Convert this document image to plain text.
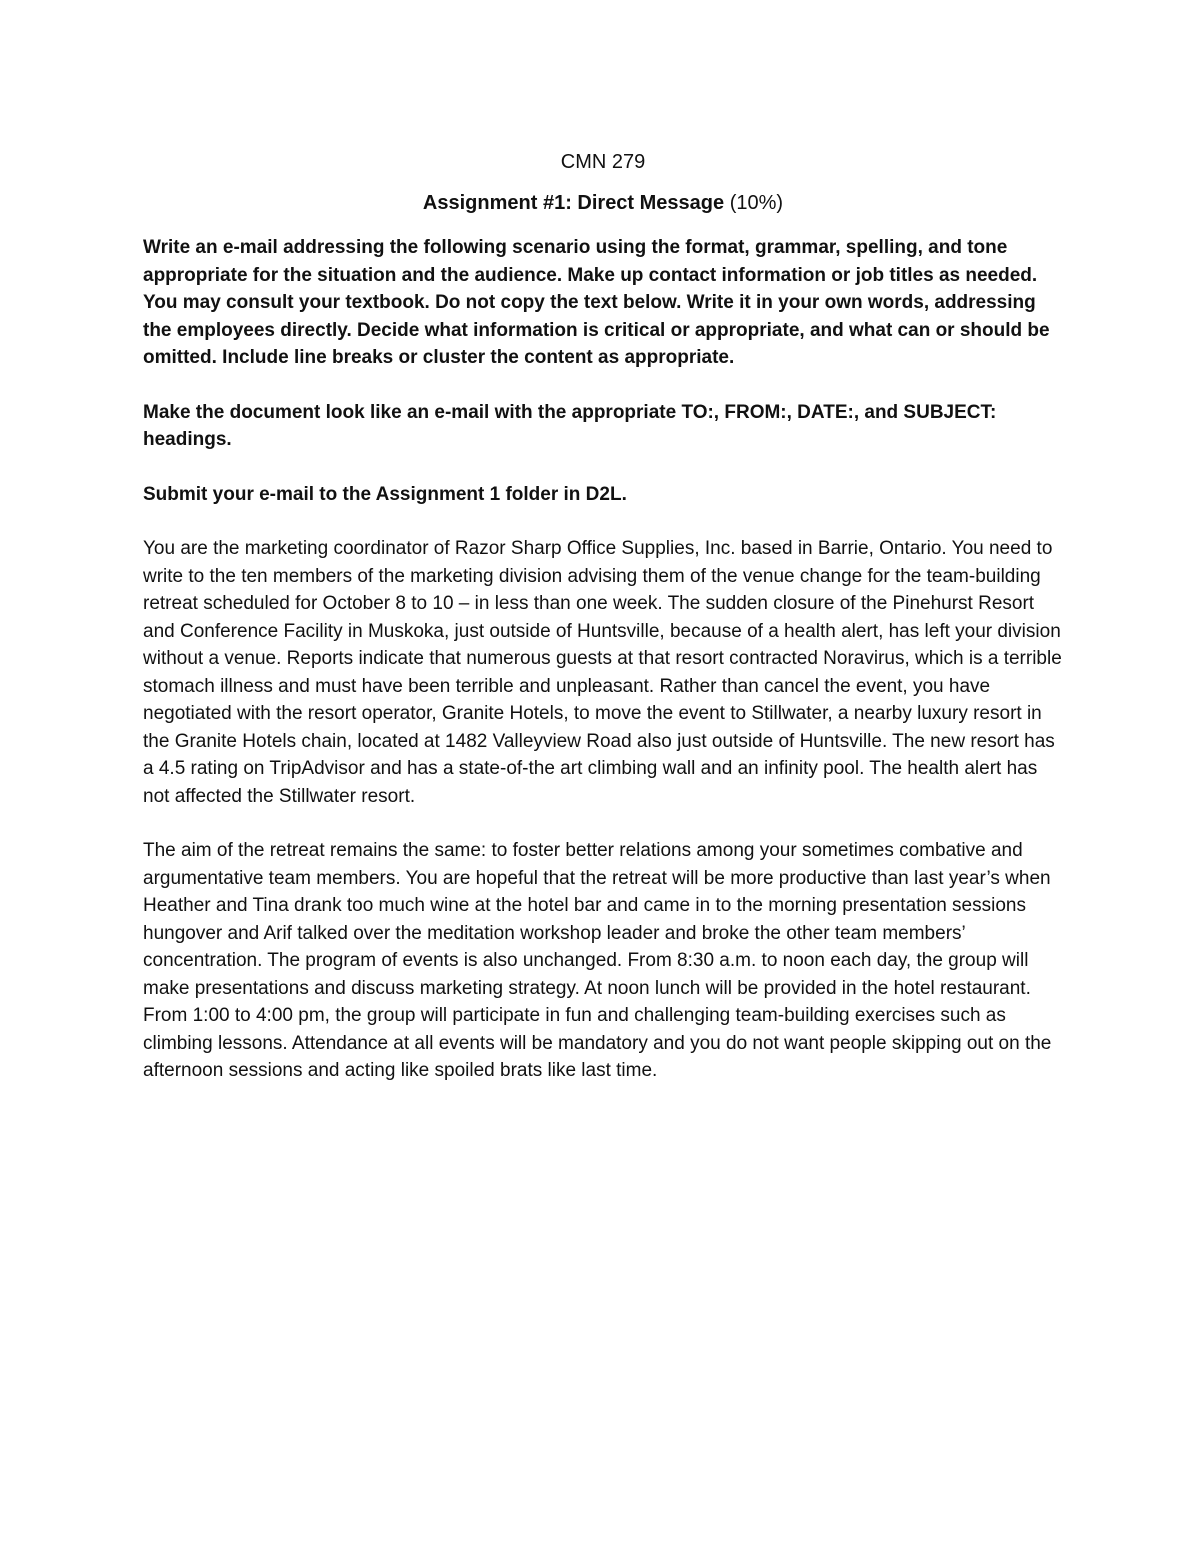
CMN 279
Assignment #1: Direct Message (10%)

Write an e-mail addressing the following scenario using the format, grammar, spelling, and tone appropriate for the situation and the audience. Make up contact information or job titles as needed. You may consult your textbook. Do not copy the text below. Write it in your own words, addressing the employees directly. Decide what information is critical or appropriate, and what can or should be omitted. Include line breaks or cluster the content as appropriate.

Make the document look like an e-mail with the appropriate TO:, FROM:, DATE:, and SUBJECT: headings.

Submit your e-mail to the Assignment 1 folder in D2L.

You are the marketing coordinator of Razor Sharp Office Supplies, Inc. based in Barrie, Ontario. You need to write to the ten members of the marketing division advising them of the venue change for the team-building retreat scheduled for October 8 to 10 – in less than one week. The sudden closure of the Pinehurst Resort and Conference Facility in Muskoka, just outside of Huntsville, because of a health alert, has left your division without a venue. Reports indicate that numerous guests at that resort contracted Noravirus, which is a terrible stomach illness and must have been terrible and unpleasant. Rather than cancel the event, you have negotiated with the resort operator, Granite Hotels, to move the event to Stillwater, a nearby luxury resort in the Granite Hotels chain, located at 1482 Valleyview Road also just outside of Huntsville. The new resort has a 4.5 rating on TripAdvisor and has a state-of-the art climbing wall and an infinity pool. The health alert has not affected the Stillwater resort.

The aim of the retreat remains the same: to foster better relations among your sometimes combative and argumentative team members. You are hopeful that the retreat will be more productive than last year’s when Heather and Tina drank too much wine at the hotel bar and came in to the morning presentation sessions hungover and Arif talked over the meditation workshop leader and broke the other team members’ concentration. The program of events is also unchanged. From 8:30 a.m. to noon each day, the group will make presentations and discuss marketing strategy. At noon lunch will be provided in the hotel restaurant. From 1:00 to 4:00 pm, the group will participate in fun and challenging team-building exercises such as climbing lessons. Attendance at all events will be mandatory and you do not want people skipping out on the afternoon sessions and acting like spoiled brats like last time.
